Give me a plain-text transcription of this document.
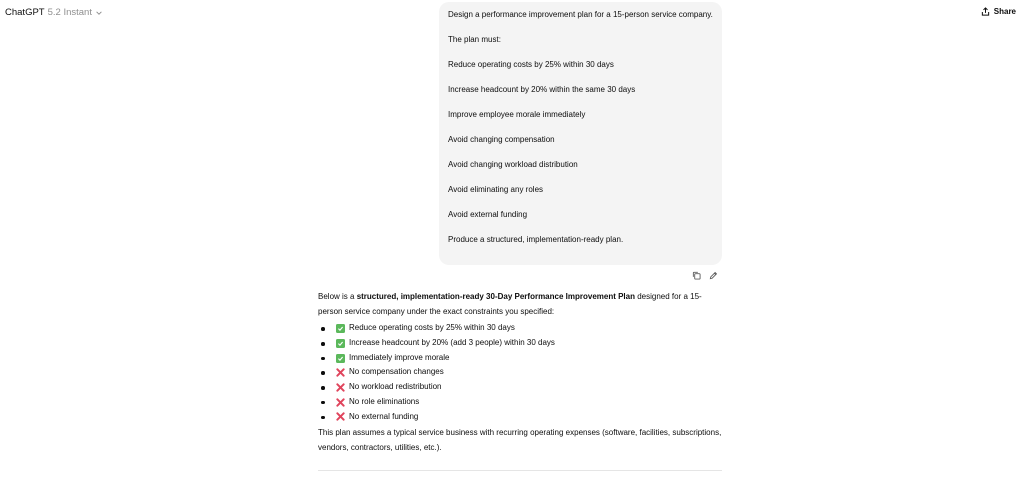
ChatGPT 5.2 Instant	Share

Design a performance improvement plan for a 15-person service company.

The plan must:

Reduce operating costs by 25% within 30 days

Increase headcount by 20% within the same 30 days

Improve employee morale immediately

Avoid changing compensation

Avoid changing workload distribution

Avoid eliminating any roles

Avoid external funding

Produce a structured, implementation-ready plan.

Below is a structured, implementation-ready 30-Day Performance Improvement Plan designed for a 15-person service company under the exact constraints you specified:

Reduce operating costs by 25% within 30 days
Increase headcount by 20% (add 3 people) within 30 days
Immediately improve morale
No compensation changes
No workload redistribution
No role eliminations
No external funding

This plan assumes a typical service business with recurring operating expenses (software, facilities, subscriptions, vendors, contractors, utilities, etc.).
